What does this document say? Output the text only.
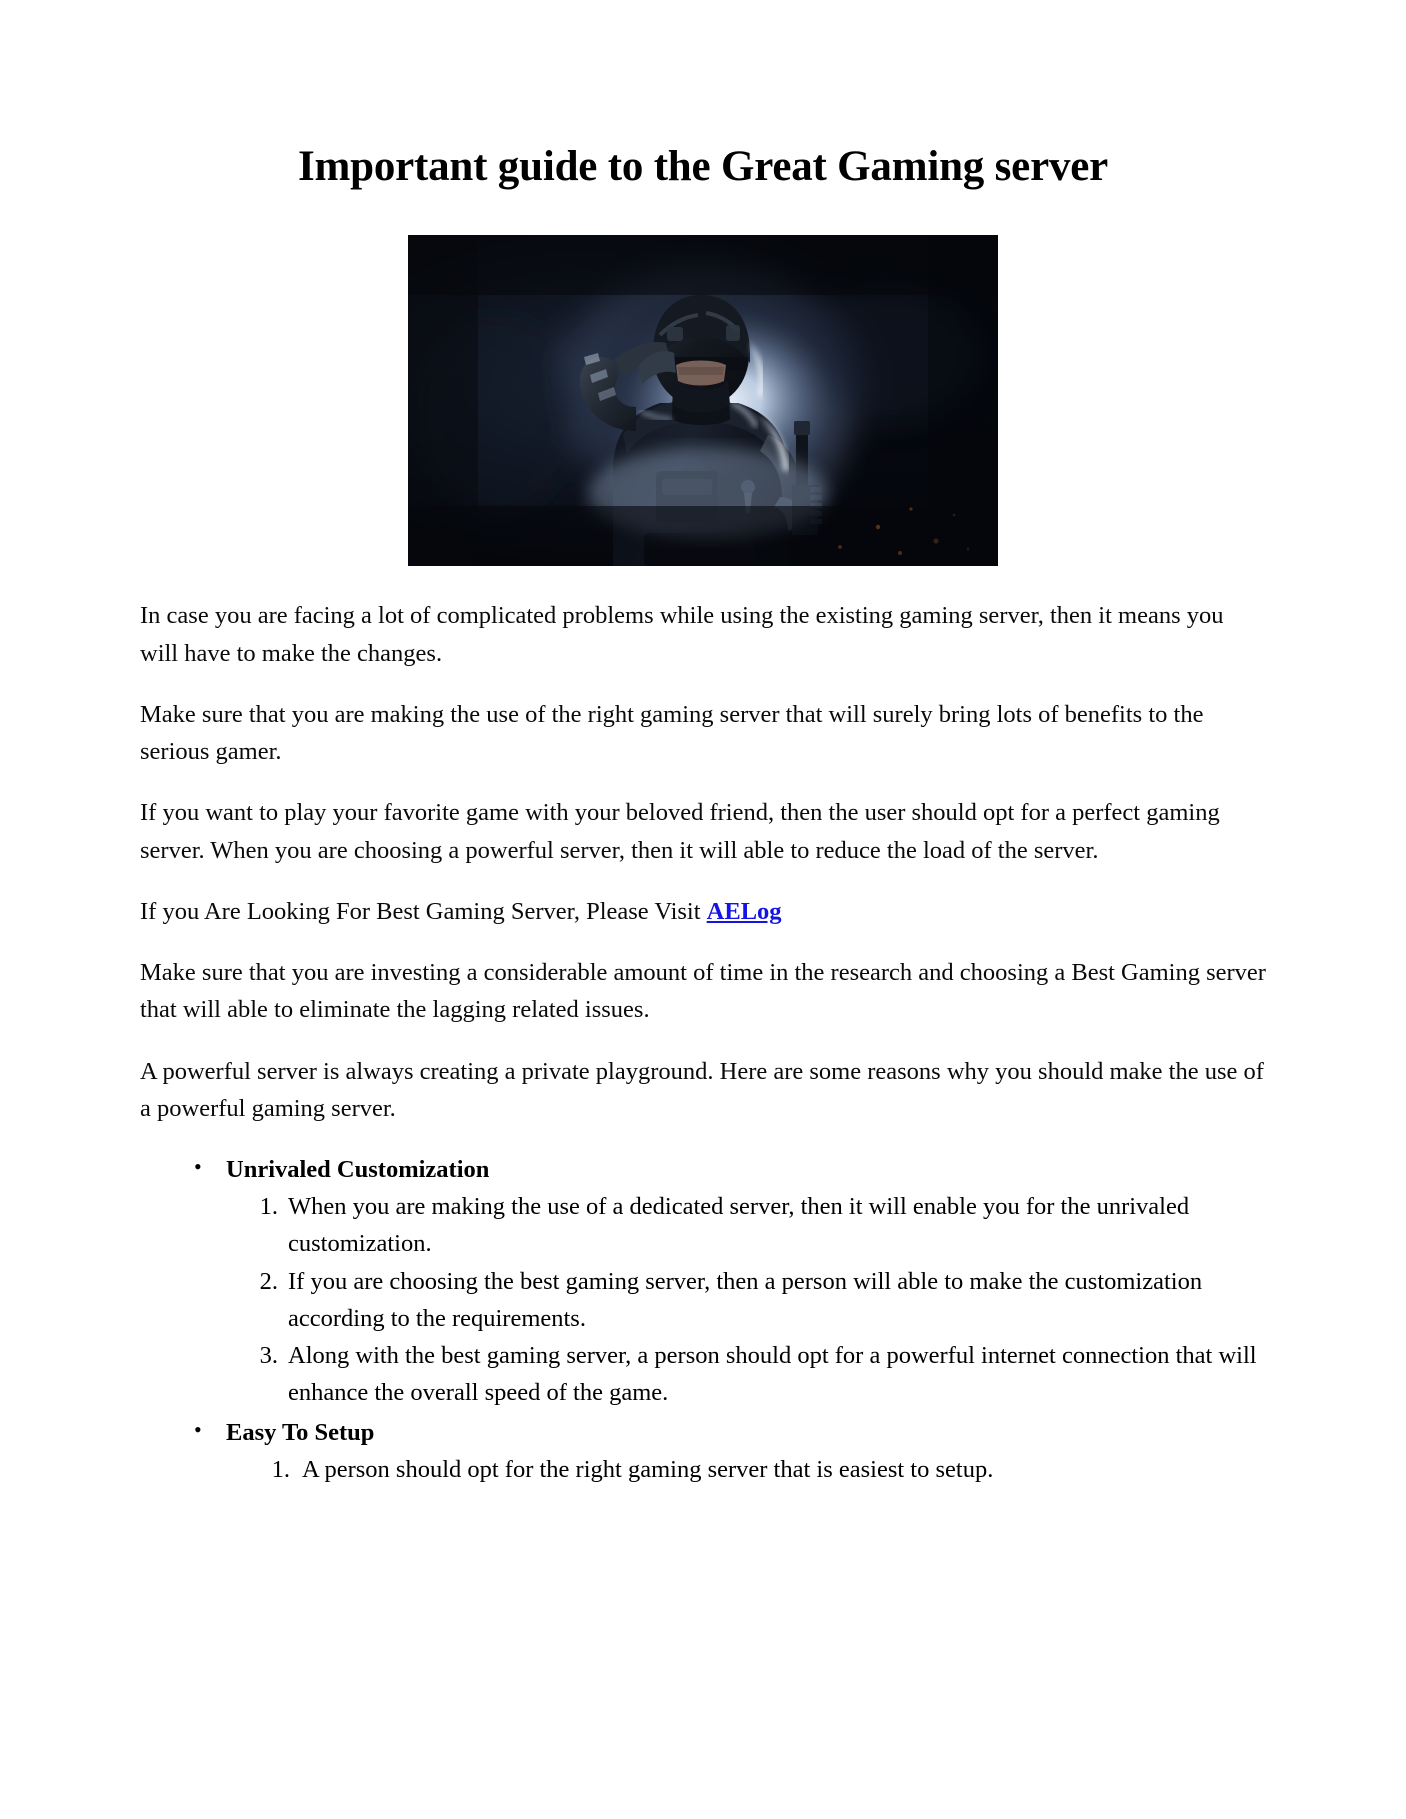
Important guide to the Great Gaming server

In case you are facing a lot of complicated problems while using the existing gaming server, then it means you will have to make the changes.

Make sure that you are making the use of the right gaming server that will surely bring lots of benefits to the serious gamer.

If you want to play your favorite game with your beloved friend, then the user should opt for a perfect gaming server. When you are choosing a powerful server, then it will able to reduce the load of the server.

If you Are Looking For Best Gaming Server, Please Visit AELog

Make sure that you are investing a considerable amount of time in the research and choosing a Best Gaming server that will able to eliminate the lagging related issues.

A powerful server is always creating a private playground. Here are some reasons why you should make the use of a powerful gaming server.

• Unrivaled Customization
When you are making the use of a dedicated server, then it will enable you for the unrivaled customization.
If you are choosing the best gaming server, then a person will able to make the customization according to the requirements.
Along with the best gaming server, a person should opt for a powerful internet connection that will enhance the overall speed of the game.
• Easy To Setup
A person should opt for the right gaming server that is easiest to setup.
